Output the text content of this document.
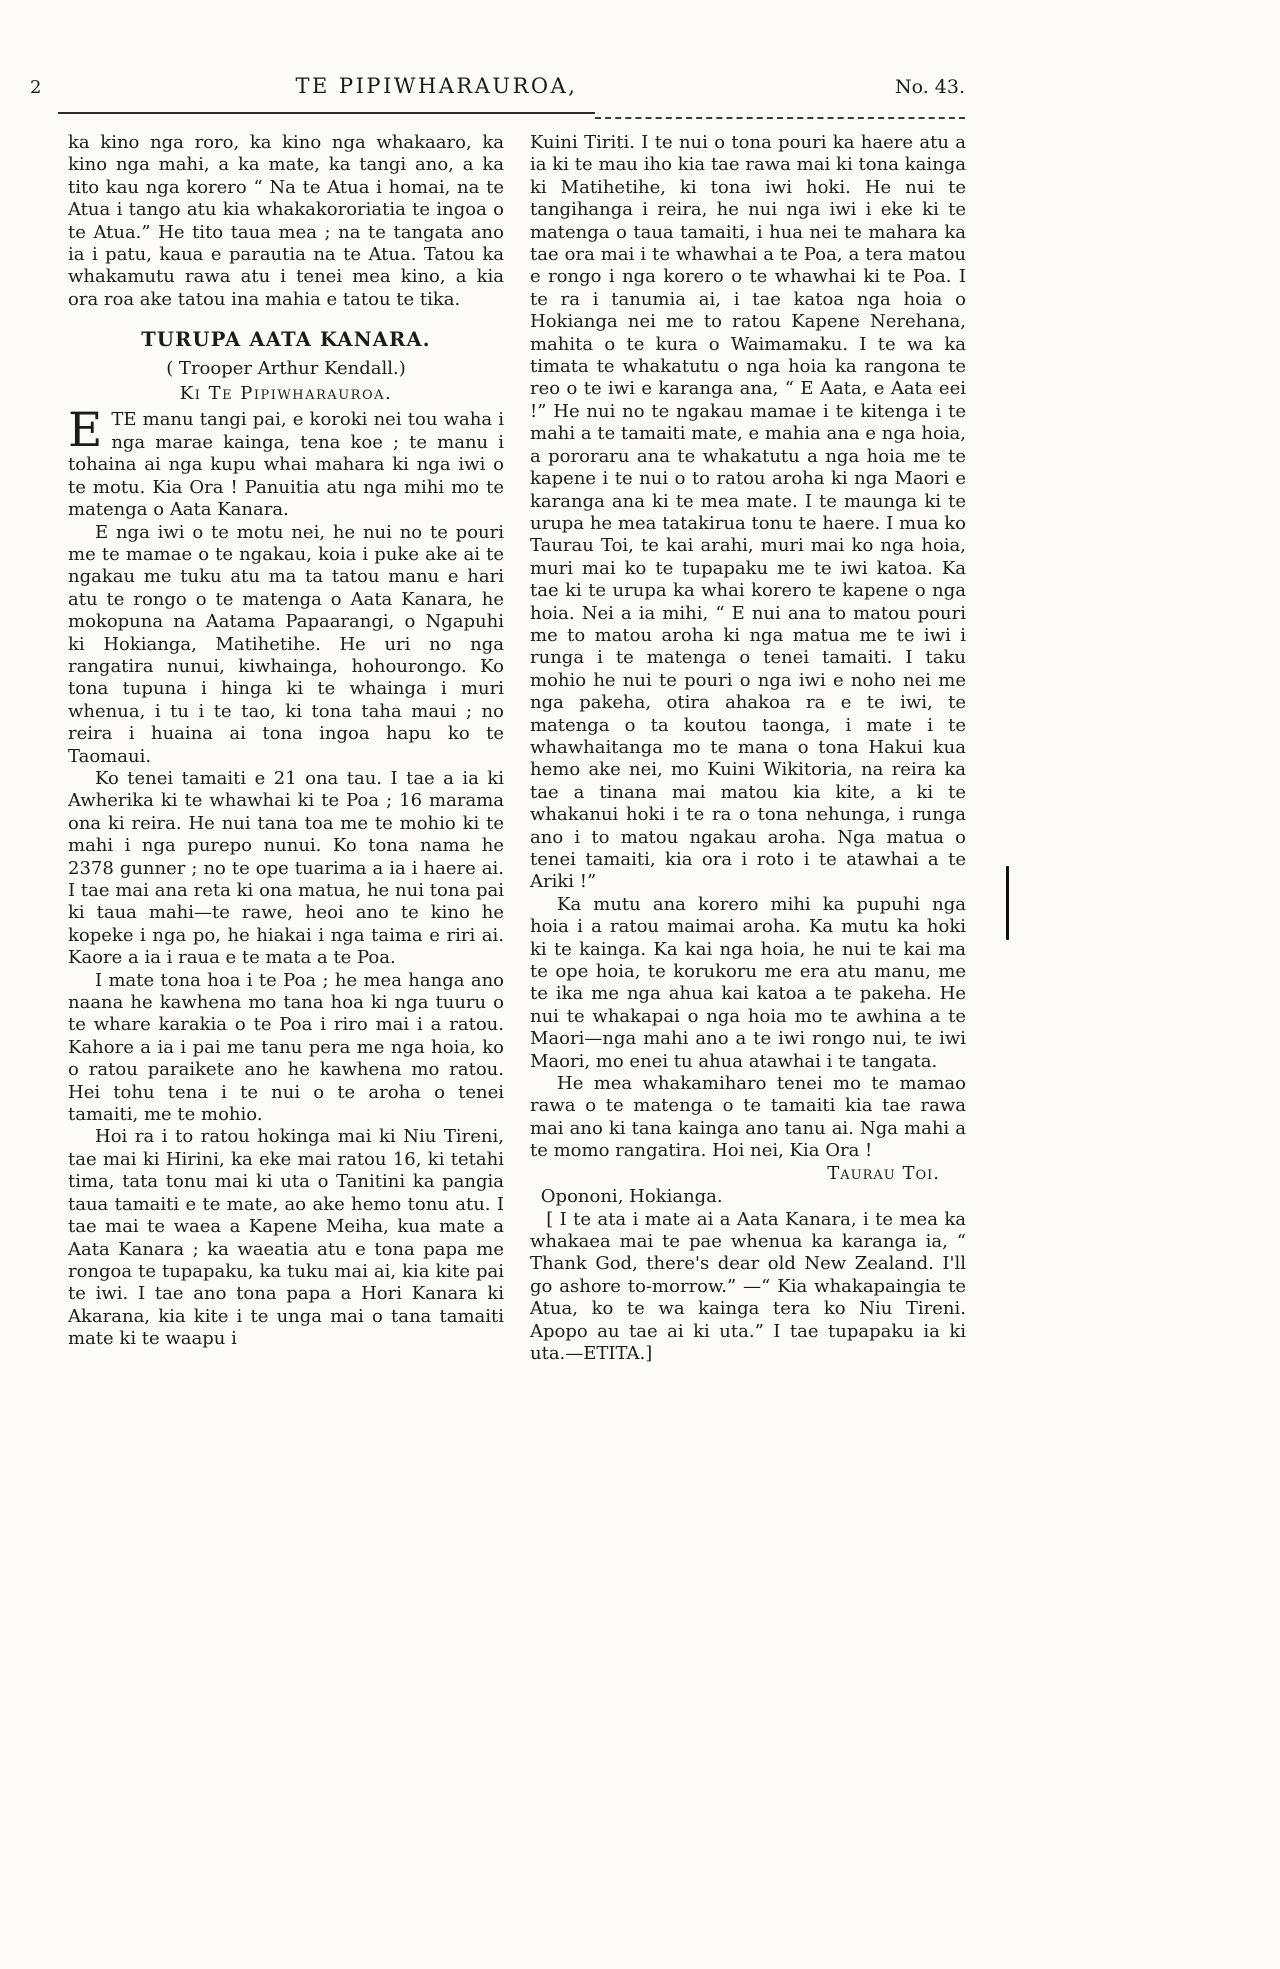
2	TE PIPIWHARAUROA,	No. 43.

ka kino nga roro, ka kino nga whakaaro, ka kino nga mahi, a ka mate, ka tangi ano, a ka tito kau nga korero “ Na te Atua i homai, na te Atua i tango atu kia whakakororiatia te ingoa o te Atua.” He tito taua mea ; na te tangata ano ia i patu, kaua e parautia na te Atua. Tatou ka whakamutu rawa atu i tenei mea kino, a kia ora roa ake tatou ina mahia e tatou te tika.

TURUPA AATA KANARA.

( Trooper Arthur Kendall.)

Ki Te Pipiwharauroa.

E TE manu tangi pai, e koroki nei tou waha i nga marae kainga, tena koe ; te manu i tohaina ai nga kupu whai mahara ki nga iwi o te motu. Kia Ora ! Panuitia atu nga mihi mo te matenga o Aata Kanara.

E nga iwi o te motu nei, he nui no te pouri me te mamae o te ngakau, koia i puke ake ai te ngakau me tuku atu ma ta tatou manu e hari atu te rongo o te matenga o Aata Kanara, he mokopuna na Aatama Papaarangi, o Ngapuhi ki Hokianga, Matihetihe. He uri no nga rangatira nunui, kiwhainga, hohourongo. Ko tona tupuna i hinga ki te whainga i muri whenua, i tu i te tao, ki tona taha maui ; no reira i huaina ai tona ingoa hapu ko te Taomaui.

Ko tenei tamaiti e 21 ona tau. I tae a ia ki Awherika ki te whawhai ki te Poa ; 16 marama ona ki reira. He nui tana toa me te mohio ki te mahi i nga purepo nunui. Ko tona nama he 2378 gunner ; no te ope tuarima a ia i haere ai. I tae mai ana reta ki ona matua, he nui tona pai ki taua mahi—te rawe, heoi ano te kino he kopeke i nga po, he hiakai i nga taima e riri ai. Kaore a ia i raua e te mata a te Poa.

I mate tona hoa i te Poa ; he mea hanga ano naana he kawhena mo tana hoa ki nga tuuru o te whare karakia o te Poa i riro mai i a ratou. Kahore a ia i pai me tanu pera me nga hoia, ko o ratou paraikete ano he kawhena mo ratou. Hei tohu tena i te nui o te aroha o tenei tamaiti, me te mohio.

Hoi ra i to ratou hokinga mai ki Niu Tireni, tae mai ki Hirini, ka eke mai ratou 16, ki tetahi tima, tata tonu mai ki uta o Tanitini ka pangia taua tamaiti e te mate, ao ake hemo tonu atu. I tae mai te waea a Kapene Meiha, kua mate a Aata Kanara ; ka waeatia atu e tona papa me rongoa te tupapaku, ka tuku mai ai, kia kite pai te iwi. I tae ano tona papa a Hori Kanara ki Akarana, kia kite i te unga mai o tana tamaiti mate ki te waapu i

Kuini Tiriti. I te nui o tona pouri ka haere atu a ia ki te mau iho kia tae rawa mai ki tona kainga ki Matihetihe, ki tona iwi hoki. He nui te tangihanga i reira, he nui nga iwi i eke ki te matenga o taua tamaiti, i hua nei te mahara ka tae ora mai i te whawhai a te Poa, a tera matou e rongo i nga korero o te whawhai ki te Poa. I te ra i tanumia ai, i tae katoa nga hoia o Hokianga nei me to ratou Kapene Nerehana, mahita o te kura o Waimamaku. I te wa ka timata te whakatutu o nga hoia ka rangona te reo o te iwi e karanga ana, “ E Aata, e Aata eei !” He nui no te ngakau mamae i te kitenga i te mahi a te tamaiti mate, e mahia ana e nga hoia, a pororaru ana te whakatutu a nga hoia me te kapene i te nui o to ratou aroha ki nga Maori e karanga ana ki te mea mate. I te maunga ki te urupa he mea tatakirua tonu te haere. I mua ko Taurau Toi, te kai arahi, muri mai ko nga hoia, muri mai ko te tupapaku me te iwi katoa. Ka tae ki te urupa ka whai korero te kapene o nga hoia. Nei a ia mihi, “ E nui ana to matou pouri me to matou aroha ki nga matua me te iwi i runga i te matenga o tenei tamaiti. I taku mohio he nui te pouri o nga iwi e noho nei me nga pakeha, otira ahakoa ra e te iwi, te matenga o ta koutou taonga, i mate i te whawhaitanga mo te mana o tona Hakui kua hemo ake nei, mo Kuini Wikitoria, na reira ka tae a tinana mai matou kia kite, a ki te whakanui hoki i te ra o tona nehunga, i runga ano i to matou ngakau aroha. Nga matua o tenei tamaiti, kia ora i roto i te atawhai a te Ariki !”

Ka mutu ana korero mihi ka pupuhi nga hoia i a ratou maimai aroha. Ka mutu ka hoki ki te kainga. Ka kai nga hoia, he nui te kai ma te ope hoia, te korukoru me era atu manu, me te ika me nga ahua kai katoa a te pakeha. He nui te whakapai o nga hoia mo te awhina a te Maori—nga mahi ano a te iwi rongo nui, te iwi Maori, mo enei tu ahua atawhai i te tangata.

He mea whakamiharo tenei mo te mamao rawa o te matenga o te tamaiti kia tae rawa mai ano ki tana kainga ano tanu ai. Nga mahi a te momo rangatira. Hoi nei, Kia Ora !

Taurau Toi.

Opononi, Hokianga.

[ I te ata i mate ai a Aata Kanara, i te mea ka whakaea mai te pae whenua ka karanga ia, “ Thank God, there's dear old New Zealand. I'll go ashore to-morrow.” —“ Kia whakapaingia te Atua, ko te wa kainga tera ko Niu Tireni. Apopo au tae ai ki uta.” I tae tupapaku ia ki uta.—ETITA.]
